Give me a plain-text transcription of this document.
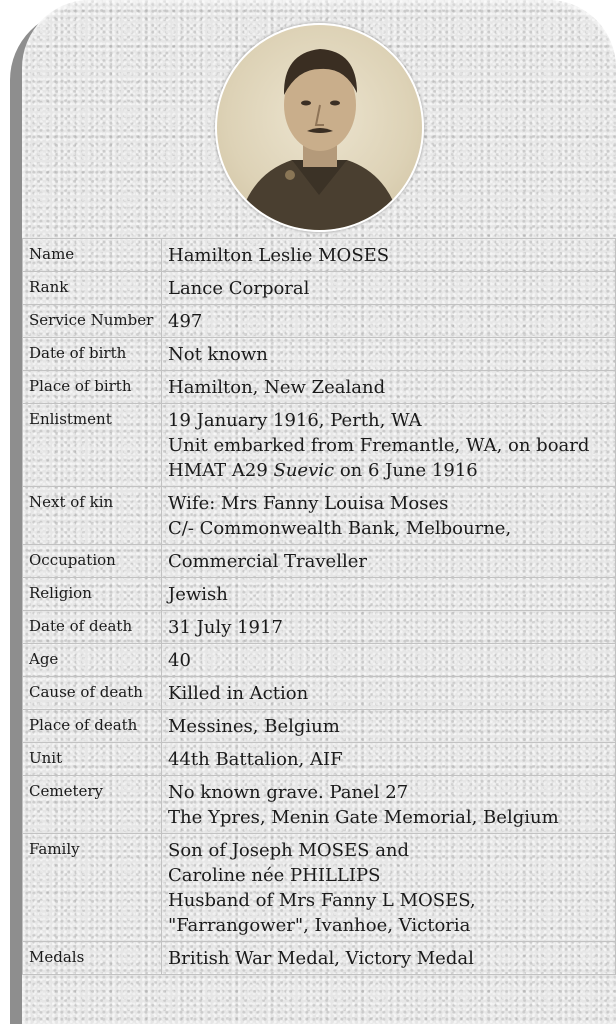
Name	Hamilton Leslie MOSES

Rank	Lance Corporal

Service Number	497

Date of birth	Not known

Place of birth	Hamilton, New Zealand

Enlistment	19 January 1916, Perth, WA
Unit embarked from Fremantle, WA, on board
HMAT A29 Suevic on 6 June 1916

Next of kin	Wife: Mrs Fanny Louisa Moses
C/- Commonwealth Bank, Melbourne,

Occupation	Commercial Traveller

Religion	Jewish

Date of death	31 July 1917

Age	40

Cause of death	Killed in Action

Place of death	Messines, Belgium

Unit	44th Battalion, AIF

Cemetery	No known grave. Panel 27
The Ypres, Menin Gate Memorial, Belgium

Family	Son of Joseph MOSES and
Caroline née PHILLIPS
Husband of Mrs Fanny L MOSES,
"Farrangower", Ivanhoe, Victoria

Medals	British War Medal, Victory Medal
